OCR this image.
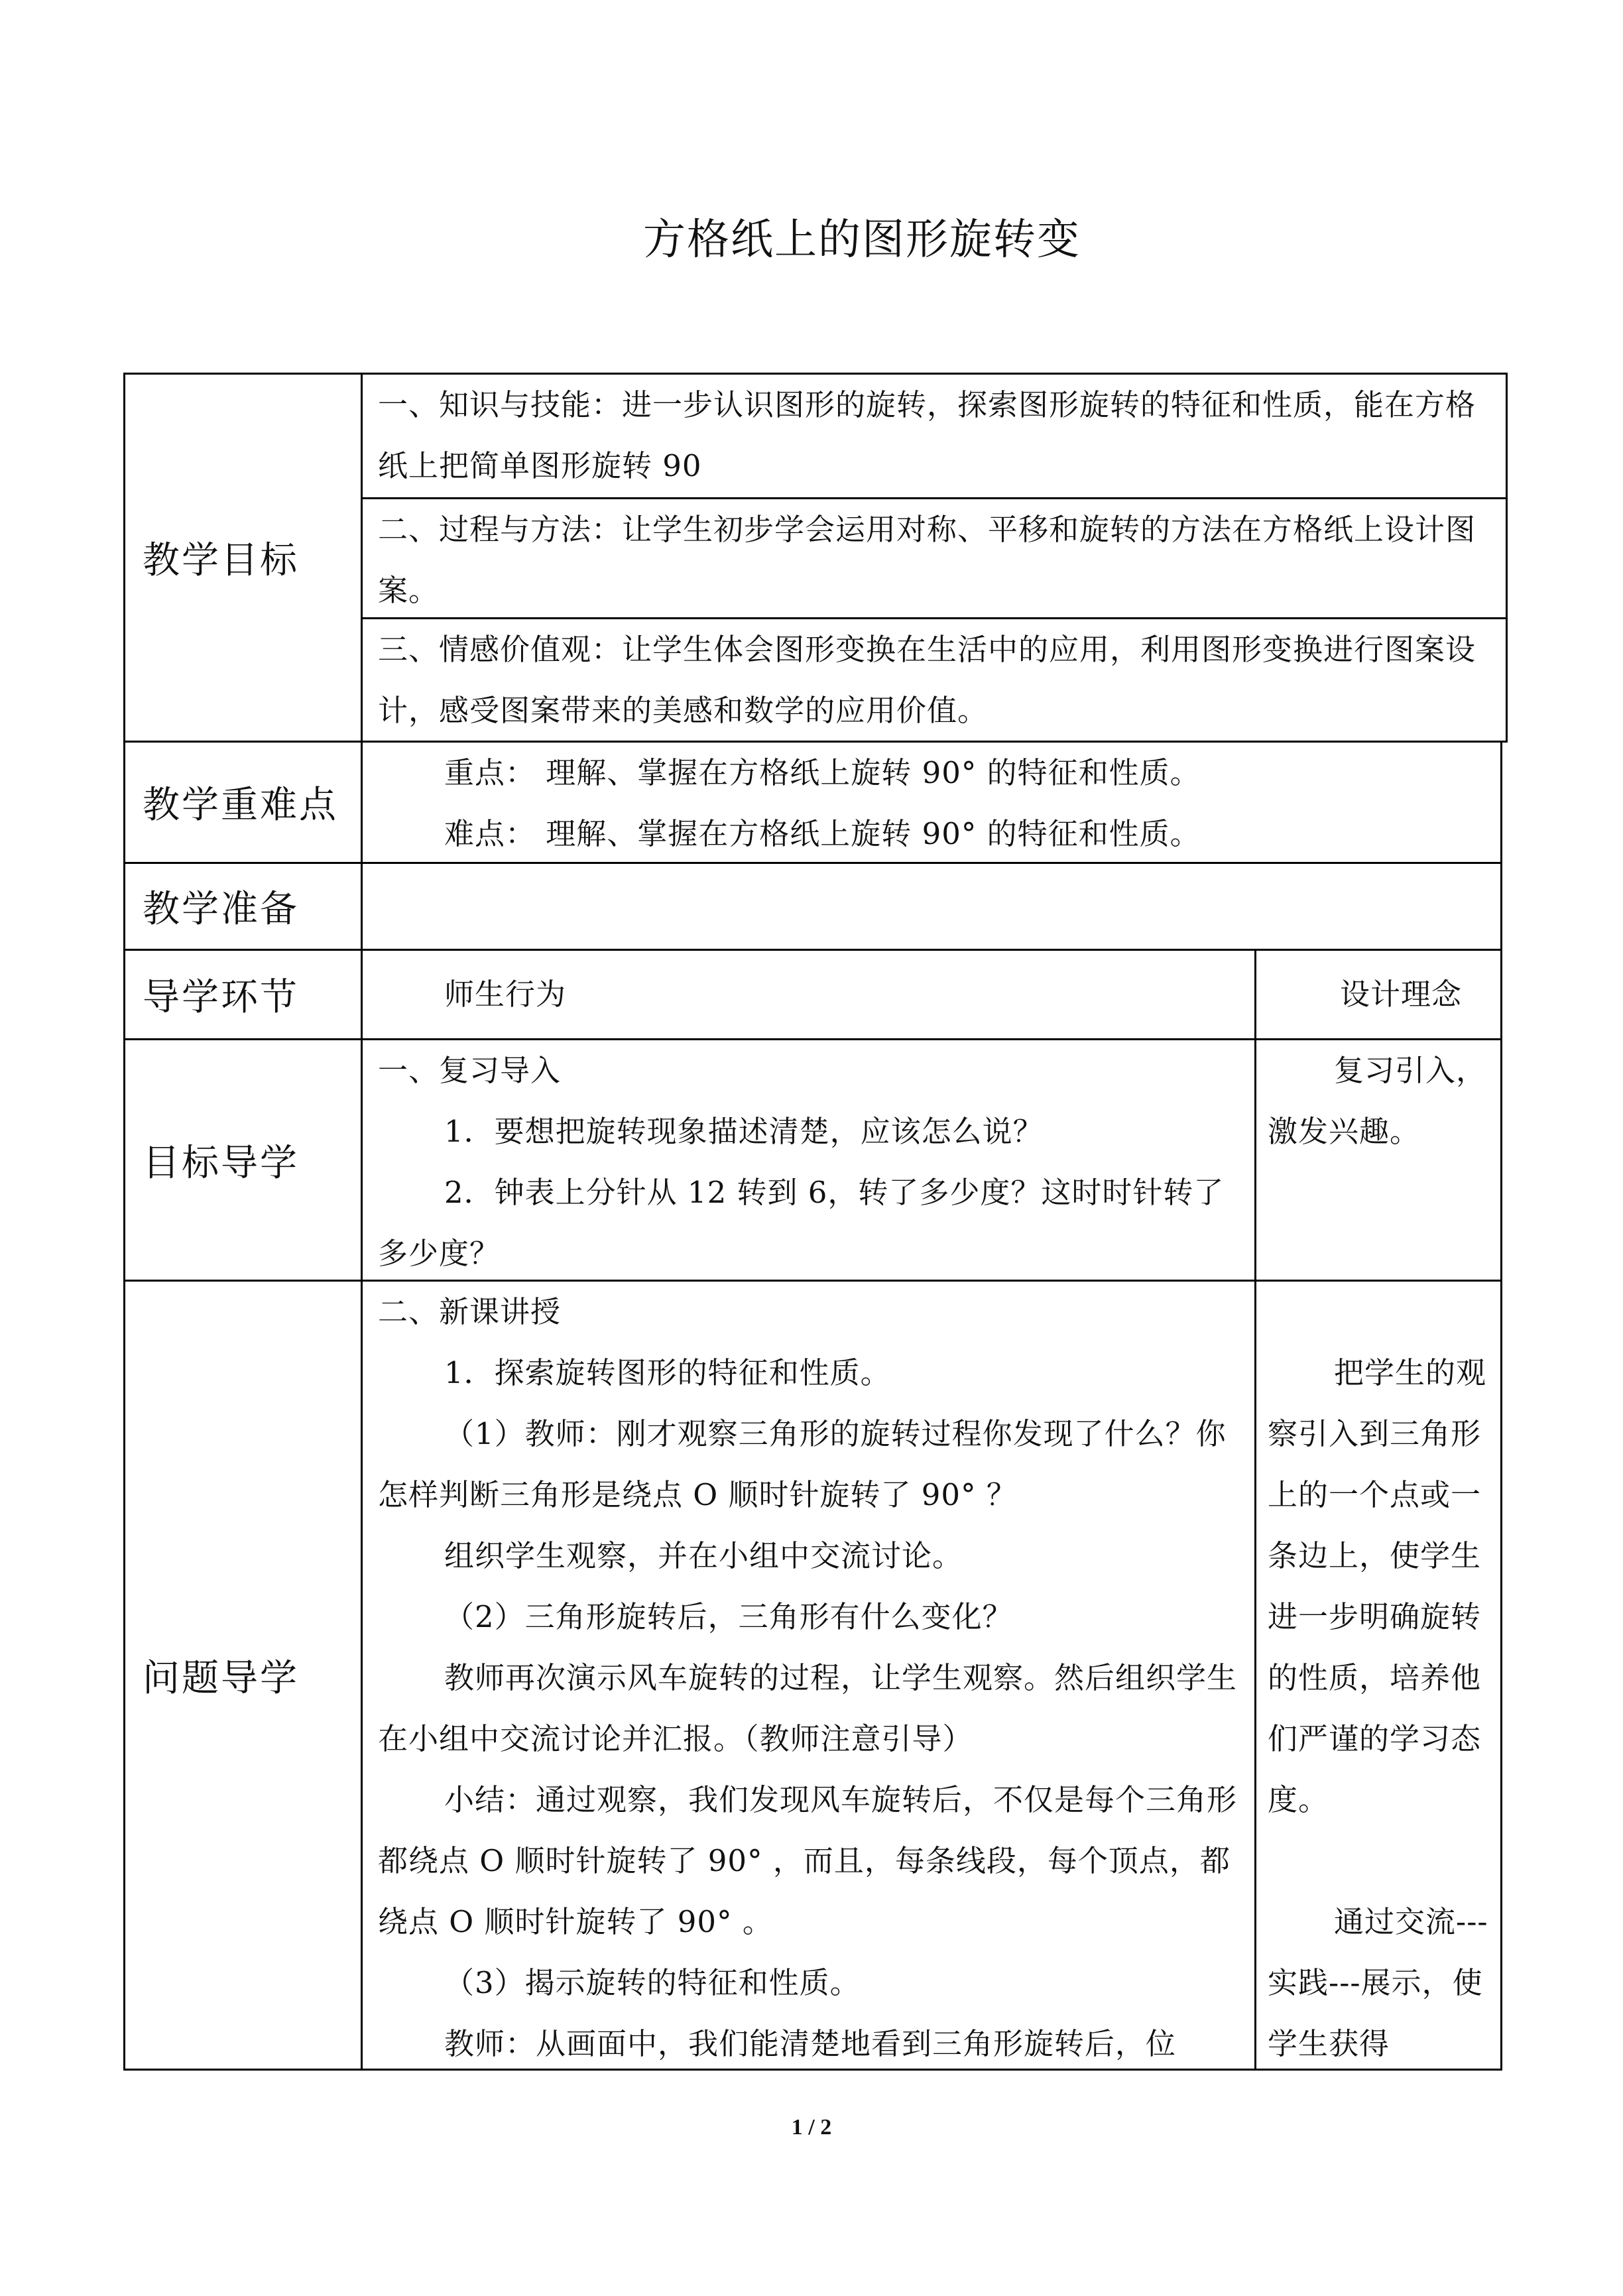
方格纸上的图形旋转变
教学目标

一、知识与技能：进一步认识图形的旋转，探索图形旋转的特征和性质，能在方格纸上把简单图形旋转 90

二、过程与方法：让学生初步学会运用对称、平移和旋转的方法在方格纸上设计图案。

三、情感价值观：让学生体会图形变换在生活中的应用，利用图形变换进行图案设计，感受图案带来的美感和数学的应用价值。

教学重难点

重点： 理解、掌握在方格纸上旋转 90° 的特征和性质。

难点： 理解、掌握在方格纸上旋转 90° 的特征和性质。

教学准备
导学环节	师生行为	设计理念

目标导学

一、复习导入

1．要想把旋转现象描述清楚，应该怎么说？

2．钟表上分针从 12 转到 6，转了多少度？这时时针转了多少度？

复习引入，激发兴趣。

问题导学

二、新课讲授

1．探索旋转图形的特征和性质。

（1）教师：刚才观察三角形的旋转过程你发现了什么？你怎样判断三角形是绕点 O 顺时针旋转了 90° ？

组织学生观察，并在小组中交流讨论。

（2）三角形旋转后，三角形有什么变化？

教师再次演示风车旋转的过程，让学生观察。然后组织学生在小组中交流讨论并汇报。（教师注意引导）

小结：通过观察，我们发现风车旋转后，不仅是每个三角形都绕点 O 顺时针旋转了 90° ，而且，每条线段，每个顶点，都绕点 O 顺时针旋转了 90° 。

（3）揭示旋转的特征和性质。

教师：从画面中，我们能清楚地看到三角形旋转后，位

把学生的观察引入到三角形上的一个点或一条边上，使学生进一步明确旋转的性质，培养他们严谨的学习态度。

通过交流---实践---展示，使学生获得

1 / 2
